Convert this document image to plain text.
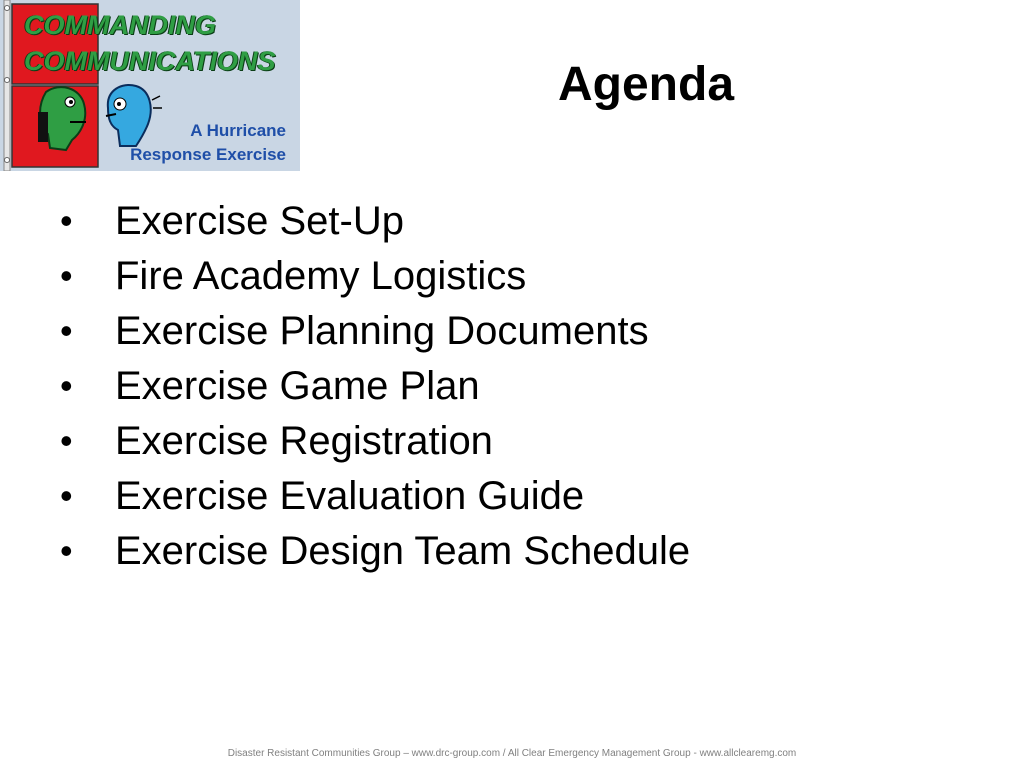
COMMANDING
COMMUNICATIONS
A Hurricane
Response Exercise
Agenda
• Exercise Set-Up
• Fire Academy Logistics
• Exercise Planning Documents
• Exercise Game Plan
• Exercise Registration
• Exercise Evaluation Guide
• Exercise Design Team Schedule
Disaster Resistant Communities Group – www.drc-group.com / All Clear Emergency Management Group - www.allclearemg.com
